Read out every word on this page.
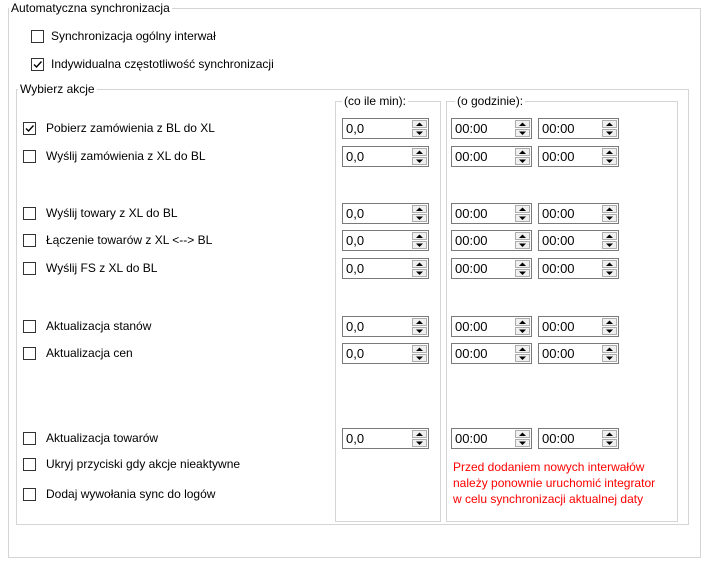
Automatyczna synchronizacja
Synchronizacja ogólny interwał
Indywidualna częstotliwość synchronizacji
Wybierz akcje
(co ile min):	(o godzinie):
Pobierz zamówienia z BL do XL	0,0	00:00	00:00
Wyślij zamówienia z XL do BL	0,0	00:00	00:00
Wyślij towary z XL do BL	0,0	00:00	00:00
Łączenie towarów z XL <--> BL	0,0	00:00	00:00
Wyślij FS z XL do BL	0,0	00:00	00:00
Aktualizacja stanów	0,0	00:00	00:00
Aktualizacja cen	0,0	00:00	00:00
Aktualizacja towarów	0,0	00:00	00:00
Ukryj przyciski gdy akcje nieaktywne
Dodaj wywołania sync do logów
Przed dodaniem nowych interwałów
należy ponownie uruchomić integrator
w celu synchronizacji aktualnej daty
